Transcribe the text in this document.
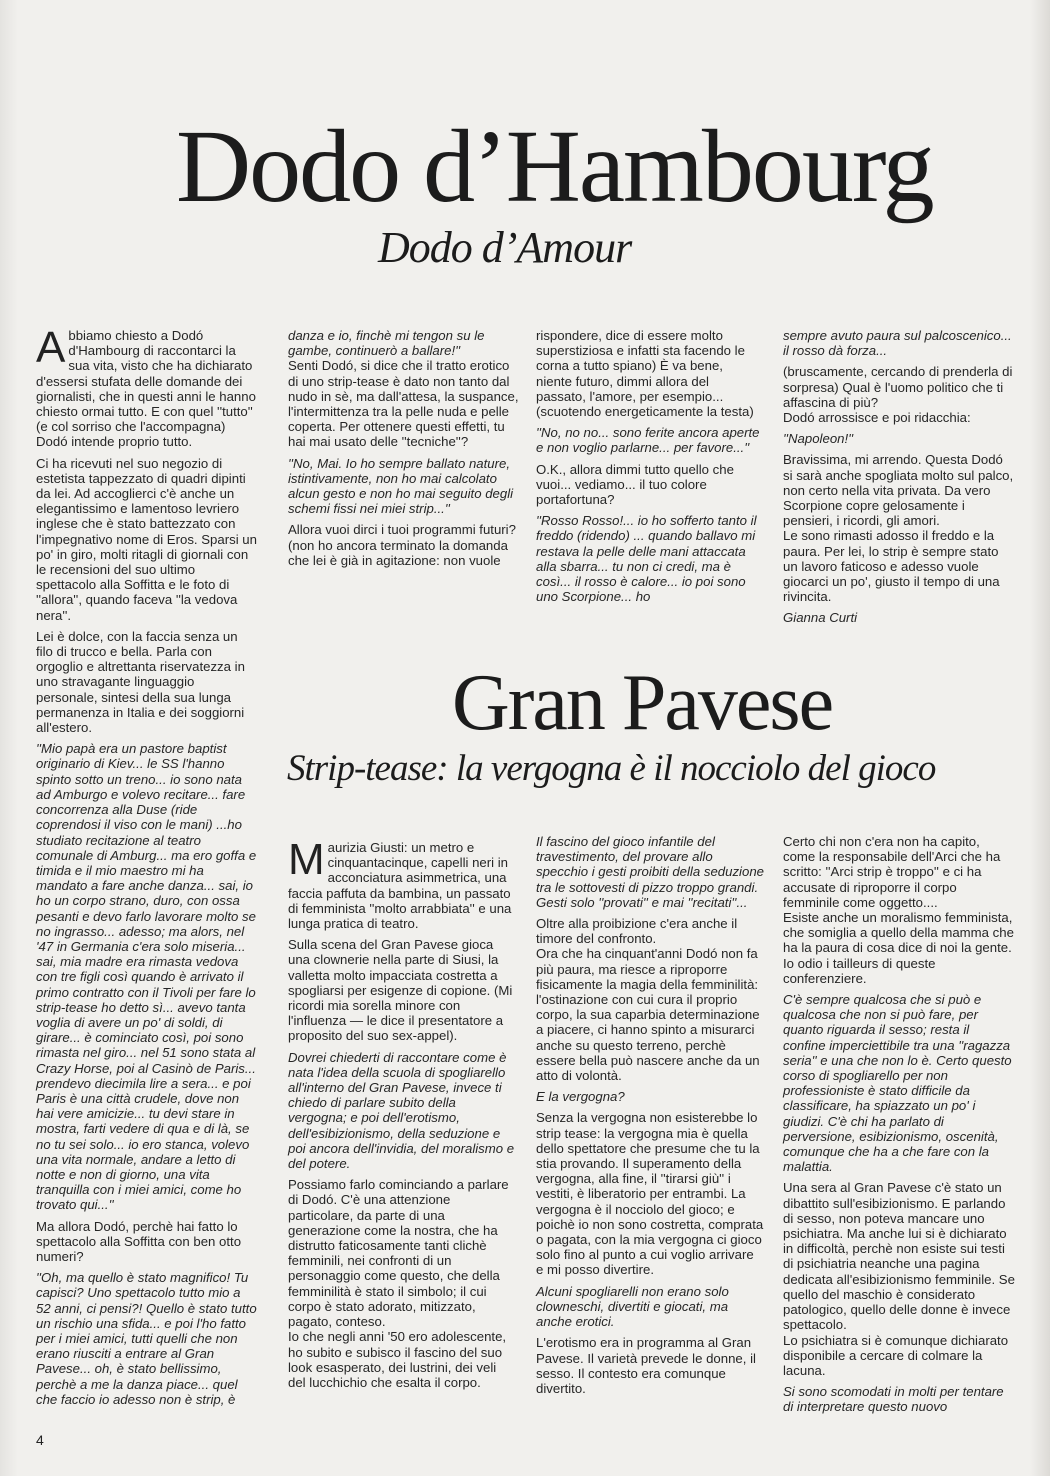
Dodo d’Hambourg
Dodo d’Amour
A bbiamo chiesto a Dodó d'Hambourg di raccontarci la sua vita, visto che ha dichiarato d'essersi stufata delle domande dei giornalisti, che in questi anni le hanno chiesto ormai tutto. E con quel ''tutto'' (e col sorriso che l'accompagna) Dodó intende proprio tutto.

Ci ha ricevuti nel suo negozio di estetista tappezzato di quadri dipinti da lei. Ad accoglierci c'è anche un elegantissimo e lamentoso levriero inglese che è stato battezzato con l'impegnativo nome di Eros. Sparsi un po' in giro, molti ritagli di giornali con le recensioni del suo ultimo spettacolo alla Soffitta e le foto di ''allora'', quando faceva ''la vedova nera''.

Lei è dolce, con la faccia senza un filo di trucco e bella. Parla con orgoglio e altrettanta riservatezza in uno stravagante linguaggio personale, sintesi della sua lunga permanenza in Italia e dei soggiorni all'estero.

''Mio papà era un pastore baptist originario di Kiev... le SS l'hanno spinto sotto un treno... io sono nata ad Amburgo e volevo recitare... fare concorrenza alla Duse (ride coprendosi il viso con le mani) ...ho studiato recitazione al teatro comunale di Amburg... ma ero goffa e timida e il mio maestro mi ha mandato a fare anche danza... sai, io ho un corpo strano, duro, con ossa pesanti e devo farlo lavorare molto se no ingrasso... adesso; ma alors, nel '47 in Germania c'era solo miseria... sai, mia madre era rimasta vedova con tre figli così quando è arrivato il primo contratto con il Tivoli per fare lo strip-tease ho detto sì... avevo tanta voglia di avere un po' di soldi, di girare... è cominciato così, poi sono rimasta nel giro... nel 51 sono stata al Crazy Horse, poi al Casinò de Paris... prendevo diecimila lire a sera... e poi Paris è una città crudele, dove non hai vere amicizie... tu devi stare in mostra, farti vedere di qua e di là, se no tu sei solo... io ero stanca, volevo una vita normale, andare a letto di notte e non di giorno, una vita tranquilla con i miei amici, come ho trovato qui...''

Ma allora Dodó, perchè hai fatto lo spettacolo alla Soffitta con ben otto numeri?

''Oh, ma quello è stato magnifico! Tu capisci? Uno spettacolo tutto mio a 52 anni, ci pensi?! Quello è stato tutto un rischio una sfida... e poi l'ho fatto per i miei amici, tutti quelli che non erano riusciti a entrare al Gran Pavese... oh, è stato bellissimo, perchè a me la danza piace... quel che faccio io adesso non è strip, è

danza e io, finchè mi tengon su le gambe, continuerò a ballare!''

Senti Dodó, si dice che il tratto erotico di uno strip-tease è dato non tanto dal nudo in sè, ma dall'attesa, la suspance, l'intermittenza tra la pelle nuda e pelle coperta. Per ottenere questi effetti, tu hai mai usato delle ''tecniche''?

''No, Mai. Io ho sempre ballato nature, istintivamente, non ho mai calcolato alcun gesto e non ho mai seguito degli schemi fissi nei miei strip...''

Allora vuoi dirci i tuoi programmi futuri?

(non ho ancora terminato la domanda che lei è già in agitazione: non vuole

rispondere, dice di essere molto superstiziosa e infatti sta facendo le corna a tutto spiano) È va bene, niente futuro, dimmi allora del passato, l'amore, per esempio... (scuotendo energeticamente la testa)

''No, no no... sono ferite ancora aperte e non voglio parlarne... per favore...''

O.K., allora dimmi tutto quello che vuoi... vediamo... il tuo colore portafortuna?

''Rosso Rosso!... io ho sofferto tanto il freddo (ridendo) ... quando ballavo mi restava la pelle delle mani attaccata alla sbarra... tu non ci credi, ma è così... il rosso è calore... io poi sono uno Scorpione... ho

sempre avuto paura sul palcoscenico... il rosso dà forza...

(bruscamente, cercando di prenderla di sorpresa) Qual è l'uomo politico che ti affascina di più?

Dodó arrossisce e poi ridacchia:

''Napoleon!''

Bravissima, mi arrendo. Questa Dodó si sarà anche spogliata molto sul palco, non certo nella vita privata. Da vero Scorpione copre gelosamente i pensieri, i ricordi, gli amori.

Le sono rimasti adosso il freddo e la paura. Per lei, lo strip è sempre stato un lavoro faticoso e adesso vuole giocarci un po', giusto il tempo di una rivincita.

Gianna Curti

Gran Pavese
Strip-tease: la vergogna è il nocciolo del gioco
M aurizia Giusti: un metro e cinquantacinque, capelli neri in acconciatura asimmetrica, una faccia paffuta da bambina, un passato di femminista ''molto arrabbiata'' e una lunga pratica di teatro.

Sulla scena del Gran Pavese gioca una clownerie nella parte di Siusi, la valletta molto impacciata costretta a spogliarsi per esigenze di copione. (Mi ricordi mia sorella minore con l'influenza — le dice il presentatore a proposito del suo sex-appel).

Dovrei chiederti di raccontare come è nata l'idea della scuola di spogliarello all'interno del Gran Pavese, invece ti chiedo di parlare subito della vergogna; e poi dell'erotismo, dell'esibizionismo, della seduzione e poi ancora dell'invidia, del moralismo e del potere.

Possiamo farlo cominciando a parlare di Dodó. C'è una attenzione particolare, da parte di una generazione come la nostra, che ha distrutto faticosamente tanti clichè femminili, nei confronti di un personaggio come questo, che della femminilità è stato il simbolo; il cui corpo è stato adorato, mitizzato, pagato, conteso.

Io che negli anni '50 ero adolescente, ho subito e subisco il fascino del suo look esasperato, dei lustrini, dei veli del lucchichio che esalta il corpo.

Il fascino del gioco infantile del travestimento, del provare allo specchio i gesti proibiti della seduzione tra le sottovesti di pizzo troppo grandi. Gesti solo ''provati'' e mai ''recitati''...

Oltre alla proibizione c'era anche il timore del confronto.

Ora che ha cinquant'anni Dodó non fa più paura, ma riesce a riproporre fisicamente la magia della femminilità: l'ostinazione con cui cura il proprio corpo, la sua caparbia determinazione a piacere, ci hanno spinto a misurarci anche su questo terreno, perchè essere bella può nascere anche da un atto di volontà.

E la vergogna?

Senza la vergogna non esisterebbe lo strip tease: la vergogna mia è quella dello spettatore che presume che tu la stia provando. Il superamento della vergogna, alla fine, il ''tirarsi giù'' i vestiti, è liberatorio per entrambi. La vergogna è il nocciolo del gioco; e poichè io non sono costretta, comprata o pagata, con la mia vergogna ci gioco solo fino al punto a cui voglio arrivare e mi posso divertire.

Alcuni spogliarelli non erano solo clowneschi, divertiti e giocati, ma anche erotici.

L'erotismo era in programma al Gran Pavese. Il varietà prevede le donne, il sesso. Il contesto era comunque divertito.

Certo chi non c'era non ha capito, come la responsabile dell'Arci che ha scritto: ''Arci strip è troppo'' e ci ha accusate di riproporre il corpo femminile come oggetto....

Esiste anche un moralismo femminista, che somiglia a quello della mamma che ha la paura di cosa dice di noi la gente. Io odio i tailleurs di queste conferenziere.

C'è sempre qualcosa che si può e qualcosa che non si può fare, per quanto riguarda il sesso; resta il confine imperciettibile tra una ''ragazza seria'' e una che non lo è. Certo questo corso di spogliarello per non professioniste è stato difficile da classificare, ha spiazzato un po' i giudizi. C'è chi ha parlato di perversione, esibizionismo, oscenità, comunque che ha a che fare con la malattia.

Una sera al Gran Pavese c'è stato un dibattito sull'esibizionismo. E parlando di sesso, non poteva mancare uno psichiatra. Ma anche lui si è dichiarato in difficoltà, perchè non esiste sui testi di psichiatria neanche una pagina dedicata all'esibizionismo femminile. Se quello del maschio è considerato patologico, quello delle donne è invece spettacolo.

Lo psichiatra si è comunque dichiarato disponibile a cercare di colmare la lacuna.

Si sono scomodati in molti per tentare di interpretare questo nuovo

4
